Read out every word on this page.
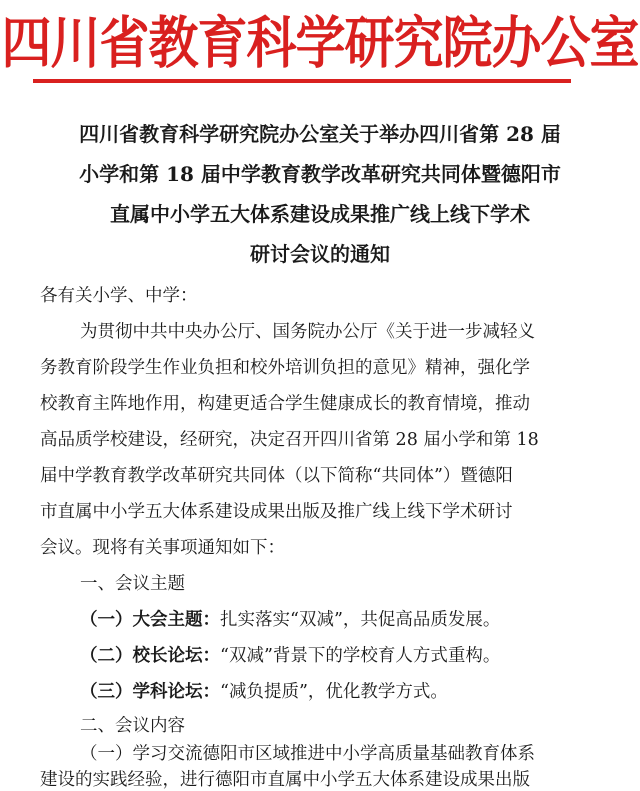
四川省教育科学研究院办公室
四川省教育科学研究院办公室关于举办四川省第 28 届
小学和第 18 届中学教育教学改革研究共同体暨德阳市
直属中小学五大体系建设成果推广线上线下学术
研讨会议的通知
各有关小学、中学：
为贯彻中共中央办公厅、国务院办公厅《关于进一步减轻义
务教育阶段学生作业负担和校外培训负担的意见》精神，强化学
校教育主阵地作用，构建更适合学生健康成长的教育情境，推动
高品质学校建设，经研究，决定召开四川省第 28 届小学和第 18
届中学教育教学改革研究共同体（以下简称“共同体”）暨德阳
市直属中小学五大体系建设成果出版及推广线上线下学术研讨
会议。现将有关事项通知如下：
一、会议主题
（一）大会主题：扎实落实“双减”，共促高品质发展。
（二）校长论坛：“双减”背景下的学校育人方式重构。
（三）学科论坛：“减负提质”，优化教学方式。
二、会议内容
（一）学习交流德阳市区域推进中小学高质量基础教育体系
建设的实践经验，进行德阳市直属中小学五大体系建设成果出版
